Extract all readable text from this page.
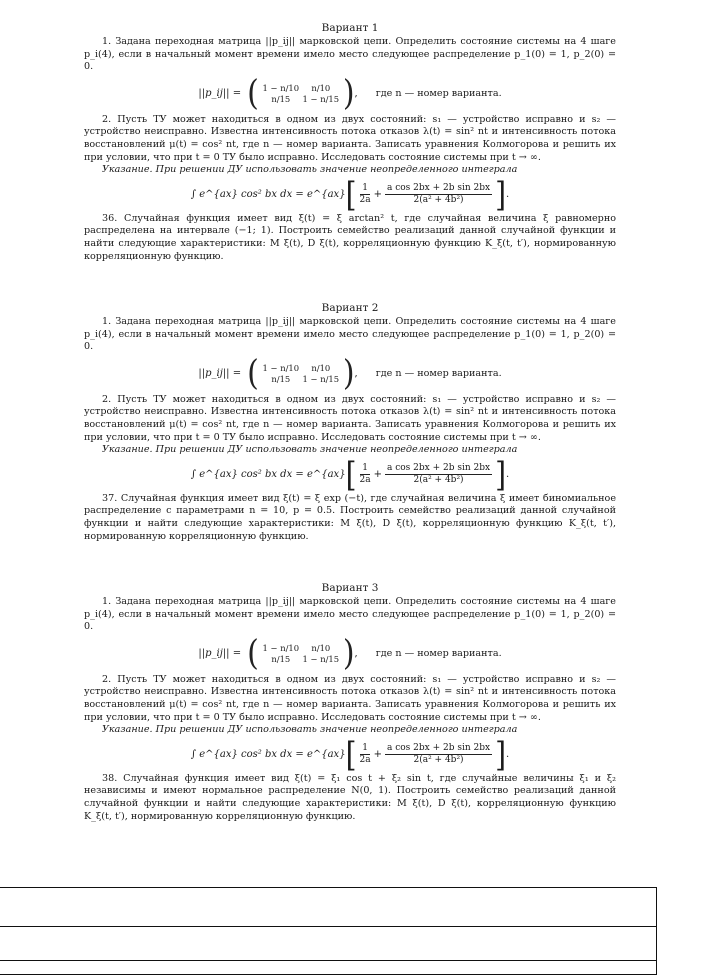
Вариант 1

1. Задана переходная матрица ||p_ij|| марковской цепи. Определить состояние системы на 4 шаге p_i(4), если в начальный момент времени имело место следующее распределение p_1(0) = 1, p_2(0) = 0.

||p_ij|| = ( 1 − n/10	n/10
n/15	1 − n/15 ) , где n — номер варианта.

2. Пусть ТУ может находиться в одном из двух состояний: s₁ — устройство исправно и s₂ — устройство неисправно. Известна интенсивность потока отказов λ(t) = sin² nt и интенсивность потока восстановлений μ(t) = cos² nt, где n — номер варианта. Записать уравнения Колмогорова и решить их при условии, что при t = 0 ТУ было исправно. Исследовать состояние системы при t → ∞.

Указание. При решении ДУ использовать значение неопределенного интеграла

∫ e^{ax} cos² bx dx = e^{ax} [ $\frac{1}{2a} + \frac{\text{a cos 2bx + 2b sin 2bx}}{\text{2(a² + 4b²)}}$ ] .

36. Случайная функция имеет вид ξ(t) = ξ arctan² t, где случайная величина ξ равномерно распределена на интервале (−1; 1). Построить семейство реализаций данной случайной функции и найти следующие характеристики: M ξ(t), D ξ(t), корреляционную функцию K_ξ(t, t′), нормированную корреляционную функцию.

Вариант 2

1. Задана переходная матрица ||p_ij|| марковской цепи. Определить состояние системы на 4 шаге p_i(4), если в начальный момент времени имело место следующее распределение p_1(0) = 1, p_2(0) = 0.

||p_ij|| = ( 1 − n/10	n/10
n/15	1 − n/15 ) , где n — номер варианта.

2. Пусть ТУ может находиться в одном из двух состояний: s₁ — устройство исправно и s₂ — устройство неисправно. Известна интенсивность потока отказов λ(t) = sin² nt и интенсивность потока восстановлений μ(t) = cos² nt, где n — номер варианта. Записать уравнения Колмогорова и решить их при условии, что при t = 0 ТУ было исправно. Исследовать состояние системы при t → ∞.

Указание. При решении ДУ использовать значение неопределенного интеграла

∫ e^{ax} cos² bx dx = e^{ax} [ $\frac{1}{2a} + \frac{\text{a cos 2bx + 2b sin 2bx}}{\text{2(a² + 4b²)}}$ ] .

37. Случайная функция имеет вид ξ(t) = ξ exp (−t), где случайная величина ξ имеет биномиальное распределение с параметрами n = 10, p = 0.5. Построить семейство реализаций данной случайной функции и найти следующие характеристики: M ξ(t), D ξ(t), корреляционную функцию K_ξ(t, t′), нормированную корреляционную функцию.

Вариант 3

1. Задана переходная матрица ||p_ij|| марковской цепи. Определить состояние системы на 4 шаге p_i(4), если в начальный момент времени имело место следующее распределение p_1(0) = 1, p_2(0) = 0.

||p_ij|| = ( 1 − n/10	n/10
n/15	1 − n/15 ) , где n — номер варианта.

2. Пусть ТУ может находиться в одном из двух состояний: s₁ — устройство исправно и s₂ — устройство неисправно. Известна интенсивность потока отказов λ(t) = sin² nt и интенсивность потока восстановлений μ(t) = cos² nt, где n — номер варианта. Записать уравнения Колмогорова и решить их при условии, что при t = 0 ТУ было исправно. Исследовать состояние системы при t → ∞.

Указание. При решении ДУ использовать значение неопределенного интеграла

∫ e^{ax} cos² bx dx = e^{ax} [ $\frac{1}{2a} + \frac{\text{a cos 2bx + 2b sin 2bx}}{\text{2(a² + 4b²)}}$ ] .

38. Случайная функция имеет вид ξ(t) = ξ₁ cos t + ξ₂ sin t, где случайные величины ξ₁ и ξ₂ независимы и имеют нормальное распределение N(0, 1). Построить семейство реализаций данной случайной функции и найти следующие характеристики: M ξ(t), D ξ(t), корреляционную функцию K_ξ(t, t′), нормированную корреляционную функцию.
